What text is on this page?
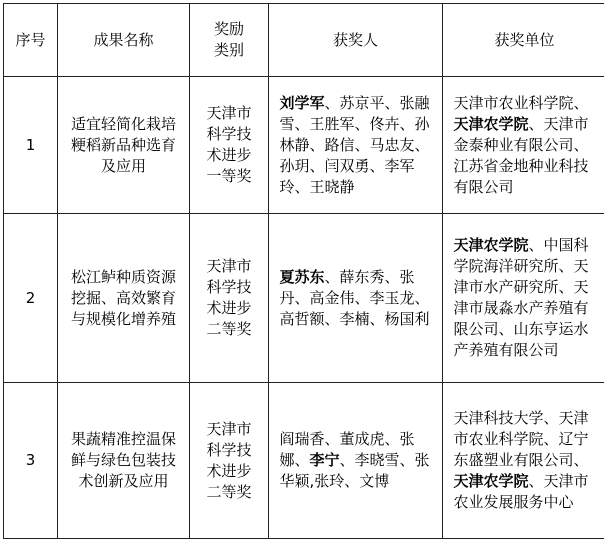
序号	成果名称	奖励类别	获奖人	获奖单位
1	适宜轻简化栽培粳稻新品种选育及应用	天津市科学技术进步一等奖	刘学军、苏京平、张融雪、王胜军、佟卉、孙林静、路信、马忠友、孙玥、闫双勇、李军玲、王晓静	天津市农业科学院、天津农学院、天津市金泰种业有限公司、江苏省金地种业科技有限公司

2	松江鲈种质资源挖掘、高效繁育与规模化增养殖	天津市科学技术进步二等奖	夏苏东、薛东秀、张丹、高金伟、李玉龙、高哲额、李楠、杨国利	天津农学院、中国科学院海洋研究所、天津市水产研究所、天津市晟淼水产养殖有限公司、山东亨运水产养殖有限公司

3	果蔬精准控温保鲜与绿色包装技术创新及应用	天津市科学技术进步二等奖	阎瑞香、董成虎、张娜、李宁、李晓雪、张华颖,张玲、文博	天津科技大学、天津市农业科学院、辽宁东盛塑业有限公司、天津农学院、天津市农业发展服务中心
